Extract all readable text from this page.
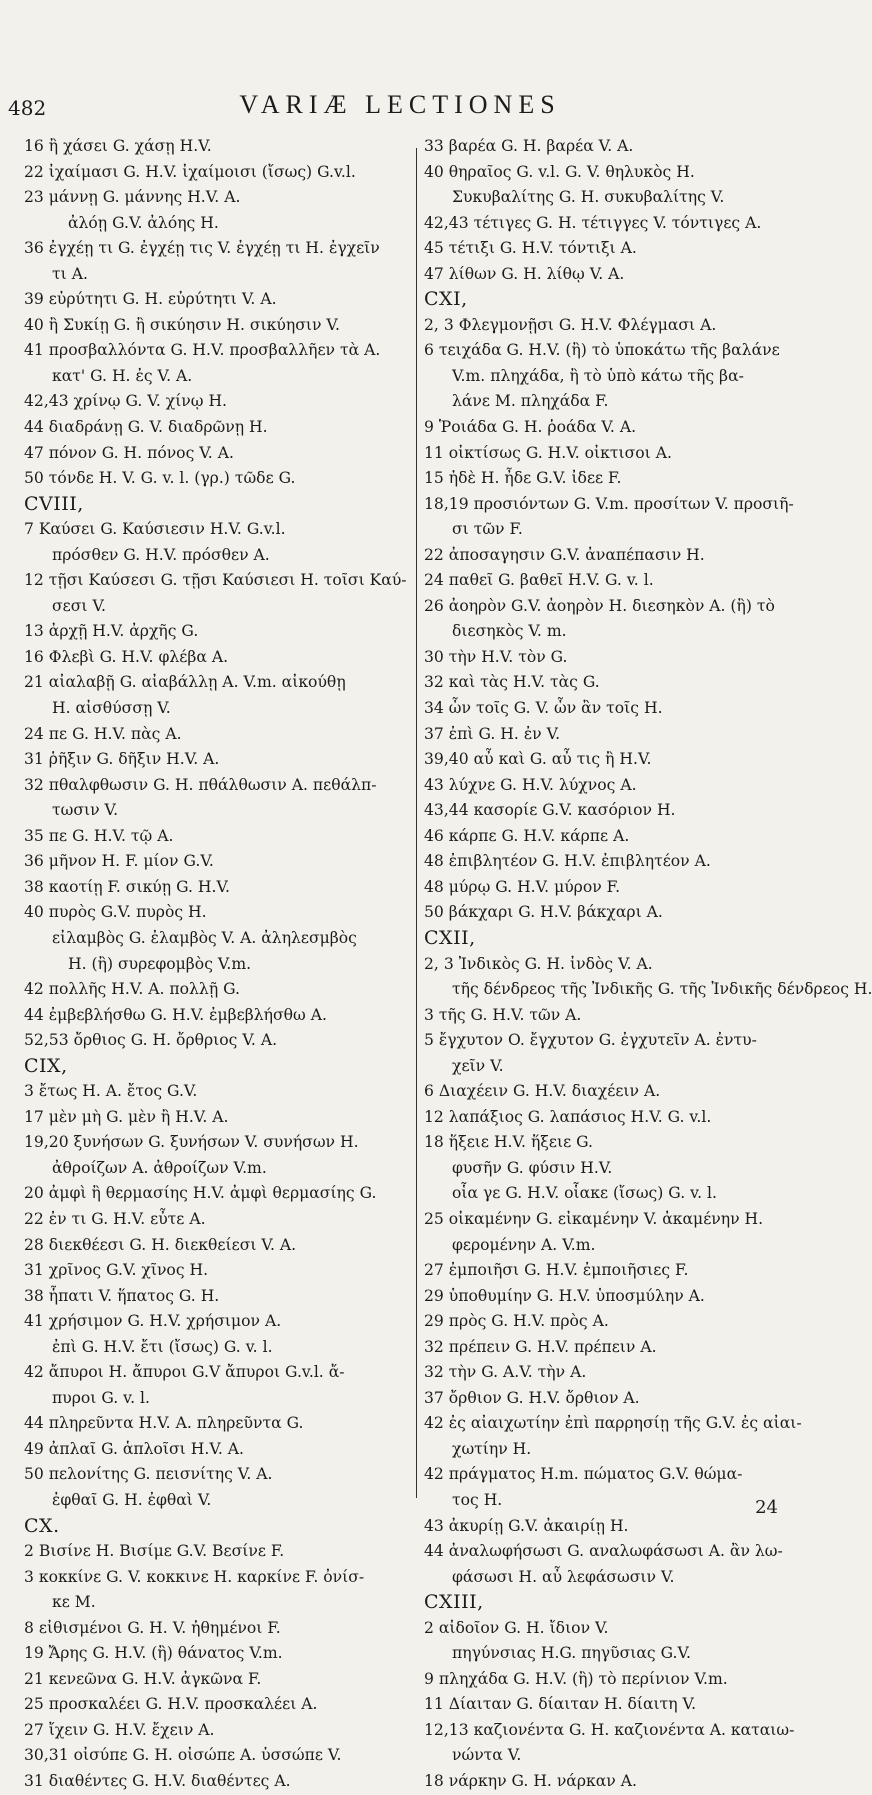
482	VARIÆ LECTIONES
16 ἢ χάσει G. χάσῃ H.V.
22 ἰχαίμασι G. H.V. ἰχαίμοισι (ἴσως) G.v.l.
23 μάννῃ G. μάννης H.V. A.
ἀλόῃ G.V. ἀλόης H.
36 ἐγχέῃ τι G. ἐγχέῃ τις V. ἐγχέῃ τι H. ἐγχεῖν
τι A.
39 εὐρύτητι G. H. εὐρύτητι V. A.
40 ἢ Συκίῃ G. ἢ σικύησιν H. σικύησιν V.
41 προσβαλλόντα G. H.V. προσβαλλῆεν τὰ A.
κατ' G. H. ἐς V. A.
42,43 χρίνῳ G. V. χίνῳ H.
44 διαδράνῃ G. V. διαδρῶνῃ H.
47 πόνον G. H. πόνος V. A.
50 τόνδε H. V. G. v. l. (γρ.) τῶδε G.
CVIII,
7 Καύσει G. Καύσιεσιν H.V. G.v.l.
πρόσθεν G. H.V. πρόσθεν A.
12 τῇσι Καύσεσι G. τῇσι Καύσιεσι H. τοῖσι Καύ-
σεσι V.
13 ἀρχῇ H.V. ἀρχῆς G.
16 Φλεβὶ G. H.V. φλέβα A.
21 αἰαλαβῇ G. αἰαβάλλῃ A. V.m. αἰκούθῃ
H. αἰσθύσσῃ V.
24 πε G. H.V. πὰς A.
31 ῥῆξιν G. δῆξιν H.V. A.
32 πθαλφθωσιν G. H. πθάλθωσιν A. πεθάλπ-
τωσιν V.
35 πε G. H.V. τῷ A.
36 μῆνον H. F. μίον G.V.
38 καοτίῃ F. σικύῃ G. H.V.
40 πυρὸς G.V. πυρὸς H.
εἰλαμβὸς G. ἐλαμβὸς V. A. ἀληλεσμβὸς
H. (ἢ) συρεφομβὸς V.m.
42 πολλῆς H.V. A. πολλῇ G.
44 ἐμβεβλήσθω G. H.V. ἐμβεβλήσθω A.
52,53 ὄρθιος G. H. ὄρθριος V. A.
CIX,
3 ἔτως H. A. ἔτος G.V.
17 μὲν μὴ G. μὲν ἢ H.V. A.
19,20 ξυνήσων G. ξυνήσων V. συνήσων H.
ἀθροίζων A. ἀθροίζων V.m.
20 ἀμφὶ ἢ θερμασίης H.V. ἀμφὶ θερμασίης G.
22 ἐν τι G. H.V. εὖτε A.
28 διεκθέεσι G. H. διεκθείεσι V. A.
31 χρῖνος G.V. χῖνος H.
38 ἧπατι V. ἥπατος G. H.
41 χρήσιμον G. H.V. χρήσιμον A.
ἐπὶ G. H.V. ἔτι (ἴσως) G. v. l.
42 ἄπυροι H. ἄπυροι G.V ἄπυροι G.v.l. ἄ-
πυροι G. v. l.
44 πληρεῦντα H.V. A. πληρεῦντα G.
49 ἀπλαῖ G. ἁπλοῖσι H.V. A.
50 πελονίτης G. πεισνίτης V. A.
ἐφθαῖ G. H. ἐφθαὶ V.
CX.
2 Βισίνε H. Βισίμε G.V. Βεσίνε F.
3 κοκκίνε G. V. κοκκινε H. καρκίνε F. ὀνίσ-
κε M.
8 εἰθισμένοι G. H. V. ἠθημένοι F.
19 Ἄρης G. H.V. (ἢ) θάνατος V.m.
21 κενεῶνα G. H.V. ἀγκῶνα F.
25 προσκαλέει G. H.V. προσκαλέει A.
27 ἴχειν G. H.V. ἔχειν A.
30,31 οἰσύπε G. H. οἰσώπε A. ὑσσώπε V.
31 διαθέντες G. H.V. διαθέντες A.
33 βαρέα G. H. βαρέα V. A.
40 θηραῖος G. v.l. G. V. θηλυκὸς H.
Συκυβαλίτης G. H. συκυβαλίτης V.
42,43 τέτιγες G. H. τέτιγγες V. τόντιγες A.
45 τέτιξι G. H.V. τόντιξι A.
47 λίθων G. H. λίθῳ V. A.
CXI,
2, 3 Φλεγμονῇσι G. H.V. Φλέγμασι A.
6 τειχάδα G. H.V. (ἢ) τὸ ὑποκάτω τῆς βαλάνε
V.m. πληχάδα, ἢ τὸ ὑπὸ κάτω τῆς βα-
λάνε M. πληχάδα F.
9 Ῥοιάδα G. H. ῥοάδα V. A.
11 οἰκτίσως G. H.V. οἰκτισοι A.
15 ἠδὲ H. ἦδε G.V. ἰδεε F.
18,19 προσιόντων G. V.m. προσίτων V. προσιῆ-
σι τῶν F.
22 ἀποσαγησιν G.V. ἀναπέπασιν H.
24 παθεῖ G. βαθεῖ H.V. G. v. l.
26 ἀοηρὸν G.V. ἀοηρὸν H. διεσηκὸν A. (ἢ) τὸ
διεσηκὸς V. m.
30 τὴν H.V. τὸν G.
32 καὶ τὰς H.V. τὰς G.
34 ὧν τοῖς G. V. ὧν ἂν τοῖς H.
37 ἐπὶ G. H. ἐν V.
39,40 αὖ καὶ G. αὖ τις ἢ H.V.
43 λύχνε G. H.V. λύχνος A.
43,44 κασορίε G.V. κασόριον H.
46 κάρπε G. H.V. κάρπε A.
48 ἐπιβλητέον G. H.V. ἐπιβλητέον A.
48 μύρῳ G. H.V. μύρον F.
50 βάκχαρι G. H.V. βάκχαρι A.
CXII,
2, 3 Ἰνδικὸς G. H. ἰνδὸς V. A.
τῆς δένδρεος τῆς Ἰνδικῆς G. τῆς Ἰνδικῆς δένδρεος H.
3 τῆς G. H.V. τῶν A.
5 ἔγχυτον O. ἔγχυτον G. ἐγχυτεῖν A. ἐντυ-
χεῖν V.
6 Διαχέειν G. H.V. διαχέειν A.
12 λαπάξιος G. λαπάσιος H.V. G. v.l.
18 ἥξειε H.V. ἥξειε G.
φυσῆν G. φύσιν H.V.
οἷα γε G. H.V. οἷακε (ἴσως) G. v. l.
25 οἰκαμένην G. εἰκαμένην V. ἀκαμένην H.
φερομένην A. V.m.
27 ἐμποιῆσι G. H.V. ἐμποιῆσιες F.
29 ὑποθυμίην G. H.V. ὑποσμύλην A.
29 πρὸς G. H.V. πρὸς A.
32 πρέπειν G. H.V. πρέπειν A.
32 τὴν G. A.V. τὴν A.
37 ὄρθιον G. H.V. ὄρθιον A.
42 ἐς αἰαιχωτίην ἐπὶ παρρησίῃ τῆς G.V. ἐς αἰαι-
χωτίην H.
42 πράγματος H.m. πώματος G.V. θώμα-
τος H.
43 ἀκυρίῃ G.V. ἀκαιρίῃ H.
44 ἀναλωφήσωσι G. αναλωφάσωσι A. ἂν λω-
φάσωσι H. αὖ λεφάσωσιν V.
CXIII,
2 αἰδοῖον G. H. ἴδιον V.
πηγύνσιας H.G. πηγῦσιας G.V.
9 πληχάδα G. H.V. (ἢ) τὸ περίνιον V.m.
11 Δίαιταν G. δίαιταν H. δίαιτη V.
12,13 καζιονέντα G. H. καζιονέντα A. καταιω-
νώντα V.
18 νάρκην G. H. νάρκαν A.
24
